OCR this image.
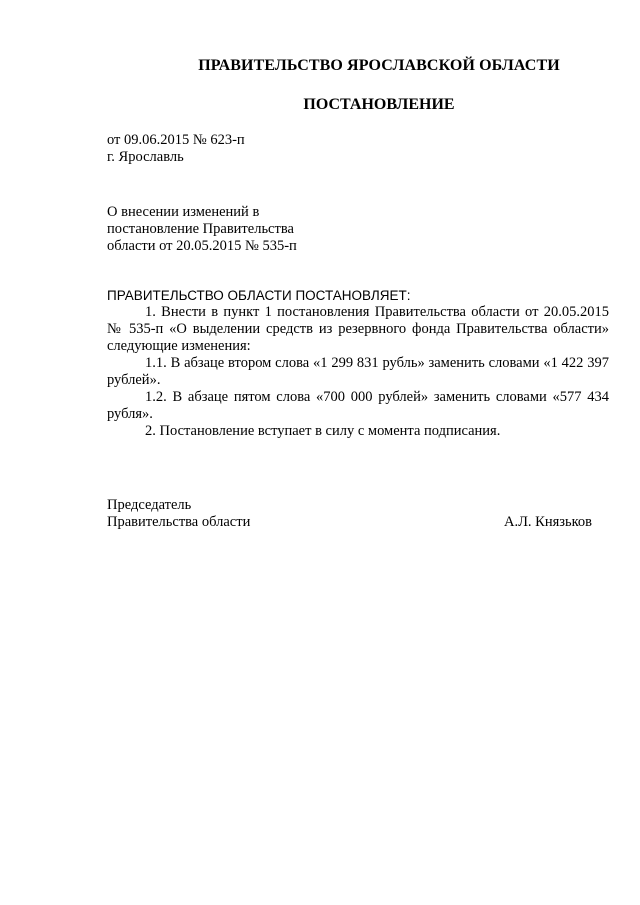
ПРАВИТЕЛЬСТВО ЯРОСЛАВСКОЙ ОБЛАСТИ
ПОСТАНОВЛЕНИЕ
от 09.06.2015 № 623-п
г. Ярославль
О внесении изменений в
постановление Правительства
области от 20.05.2015 № 535-п
ПРАВИТЕЛЬСТВО ОБЛАСТИ ПОСТАНОВЛЯЕТ:

1. Внести в пункт 1 постановления Правительства области от 20.05.2015 № 535-п «О выделении средств из резервного фонда Правительства области» следующие изменения:

1.1. В абзаце втором слова «1 299 831 рубль» заменить словами «1 422 397 рублей».

1.2. В абзаце пятом слова «700 000 рублей» заменить словами «577 434 рубля».

2. Постановление вступает в силу с момента подписания.

Председатель
Правительства области	А.Л. Князьков
